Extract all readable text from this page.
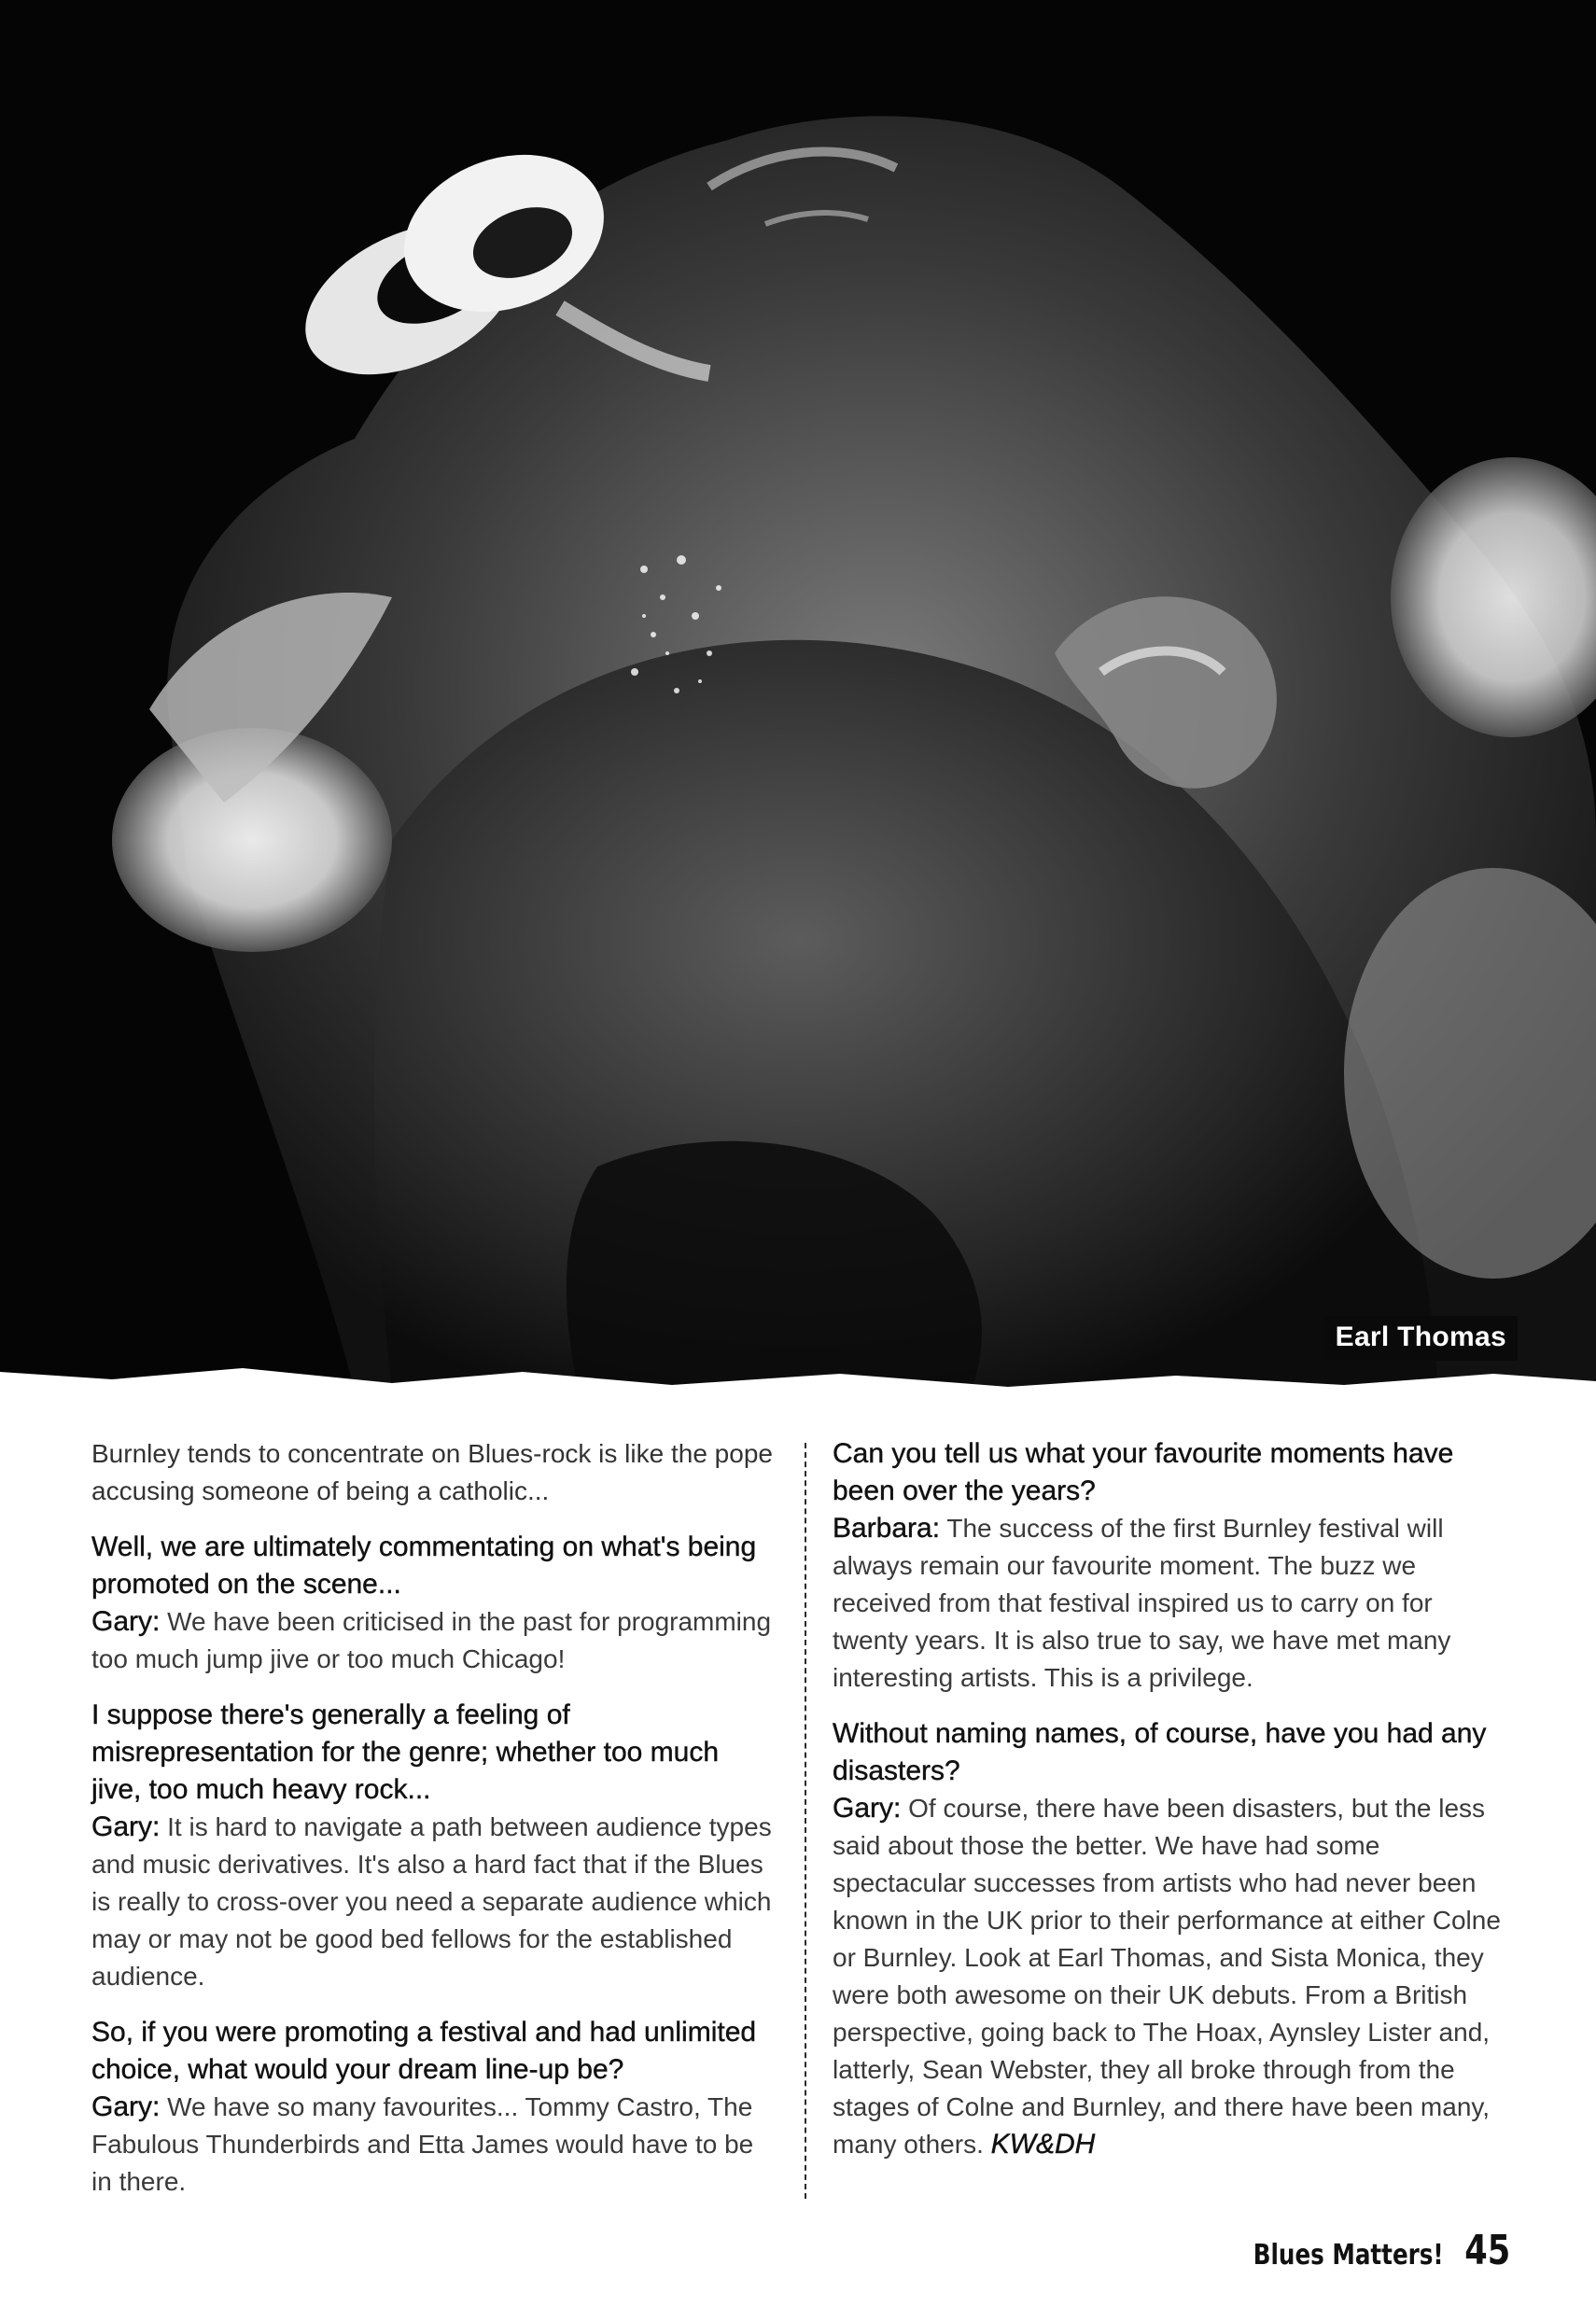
Earl Thomas

Burnley tends to concentrate on Blues-rock is like the pope accusing someone of being a catholic...

Well, we are ultimately commentating on what's being promoted on the scene...

Gary: We have been criticised in the past for programming too much jump jive or too much Chicago!

I suppose there's generally a feeling of misrepresentation for the genre; whether too much jive, too much heavy rock...

Gary: It is hard to navigate a path between audience types and music derivatives. It's also a hard fact that if the Blues is really to cross-over you need a separate audience which may or may not be good bed fellows for the established audience.

So, if you were promoting a festival and had unlimited choice, what would your dream line-up be?

Gary: We have so many favourites... Tommy Castro, The Fabulous Thunderbirds and Etta James would have to be in there.

Can you tell us what your favourite moments have been over the years?

Barbara: The success of the first Burnley festival will always remain our favourite moment. The buzz we received from that festival inspired us to carry on for twenty years. It is also true to say, we have met many interesting artists. This is a privilege.

Without naming names, of course, have you had any disasters?

Gary: Of course, there have been disasters, but the less said about those the better. We have had some spectacular successes from artists who had never been known in the UK prior to their performance at either Colne or Burnley. Look at Earl Thomas, and Sista Monica, they were both awesome on their UK debuts. From a British perspective, going back to The Hoax, Aynsley Lister and, latterly, Sean Webster, they all broke through from the stages of Colne and Burnley, and there have been many, many others. KW&DH

Blues Matters! 45
